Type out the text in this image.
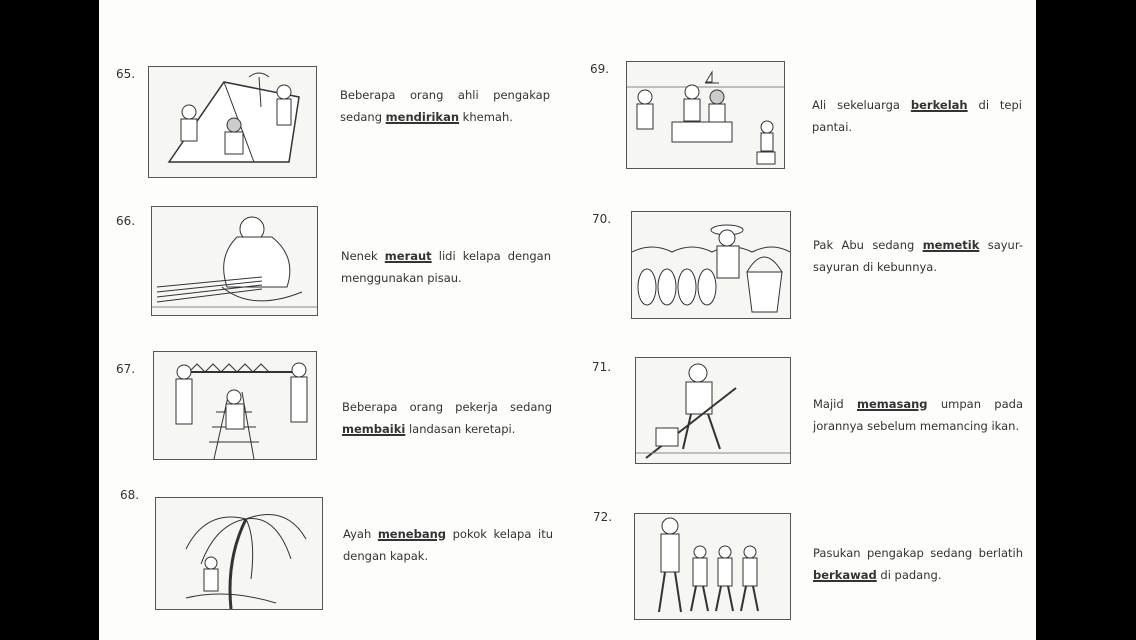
65.

Beberapa orang ahli pengakap sedang mendirikan khemah.

66.

Nenek meraut lidi kelapa dengan menggunakan pisau.

67.

Beberapa orang pekerja sedang membaiki landasan keretapi.

68.

Ayah menebang pokok kelapa itu dengan kapak.

69.

Ali sekeluarga berkelah di tepi pantai.

70.

Pak Abu sedang memetik sayur-sayuran di kebunnya.

71.

Majid memasang umpan pada jorannya sebelum memancing ikan.

72.

Pasukan pengakap sedang berlatih berkawad di padang.
